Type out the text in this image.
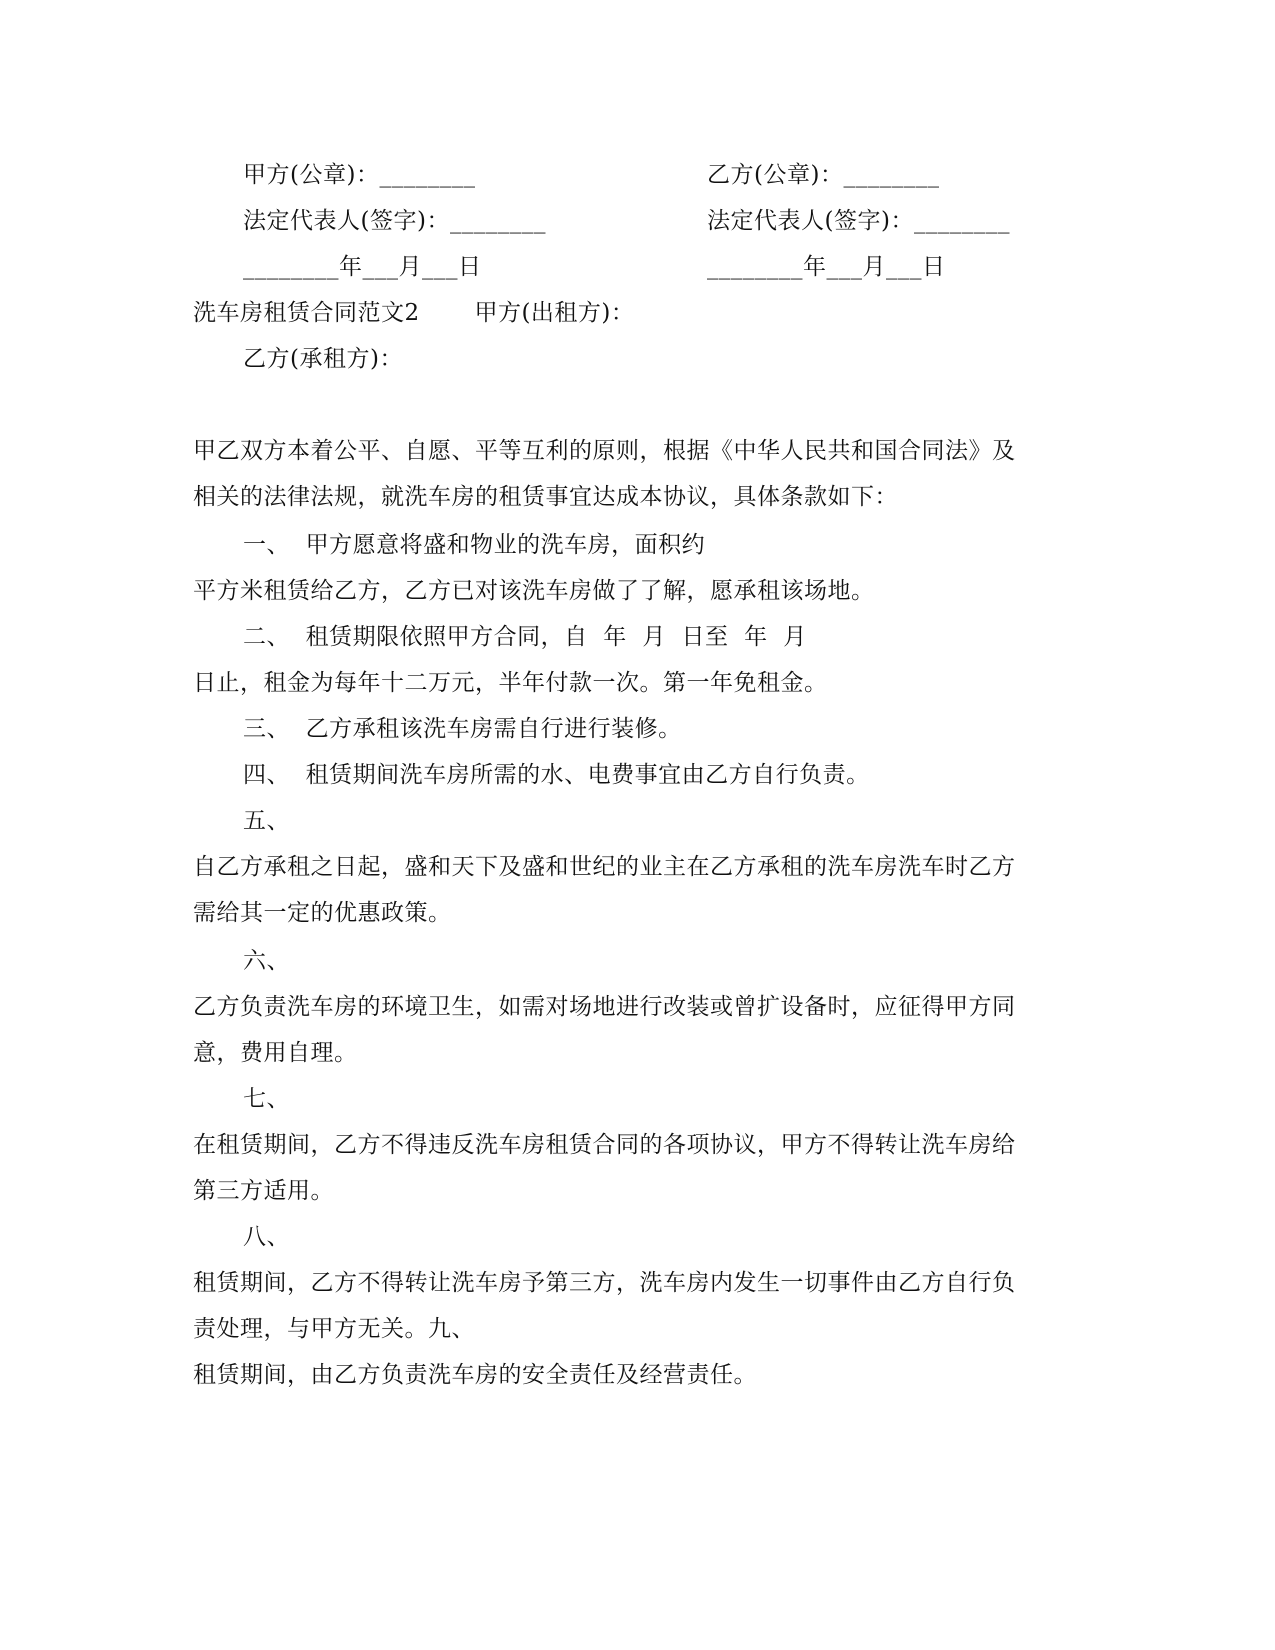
甲方(公章)：________	乙方(公章)：________
法定代表人(签字)：________	法定代表人(签字)：________
________年___月___日	________年___月___日
洗车房租赁合同范文2　　 甲方(出租方)：
乙方(承租方)：
甲乙双方本着公平、自愿、平等互利的原则，根据《中华人民共和国合同法》及
相关的法律法规，就洗车房的租赁事宜达成本协议，具体条款如下：
一、  甲方愿意将盛和物业的洗车房，面积约
平方米租赁给乙方，乙方已对该洗车房做了了解，愿承租该场地。
二、  租赁期限依照甲方合同，自  年  月  日至  年  月
日止，租金为每年十二万元，半年付款一次。第一年免租金。
三、  乙方承租该洗车房需自行进行装修。
四、  租赁期间洗车房所需的水、电费事宜由乙方自行负责。
五、
自乙方承租之日起，盛和天下及盛和世纪的业主在乙方承租的洗车房洗车时乙方
需给其一定的优惠政策。
六、
乙方负责洗车房的环境卫生，如需对场地进行改装或曾扩设备时，应征得甲方同
意，费用自理。
七、
在租赁期间，乙方不得违反洗车房租赁合同的各项协议，甲方不得转让洗车房给
第三方适用。
八、
租赁期间，乙方不得转让洗车房予第三方，洗车房内发生一切事件由乙方自行负
责处理，与甲方无关。九、
租赁期间，由乙方负责洗车房的安全责任及经营责任。
